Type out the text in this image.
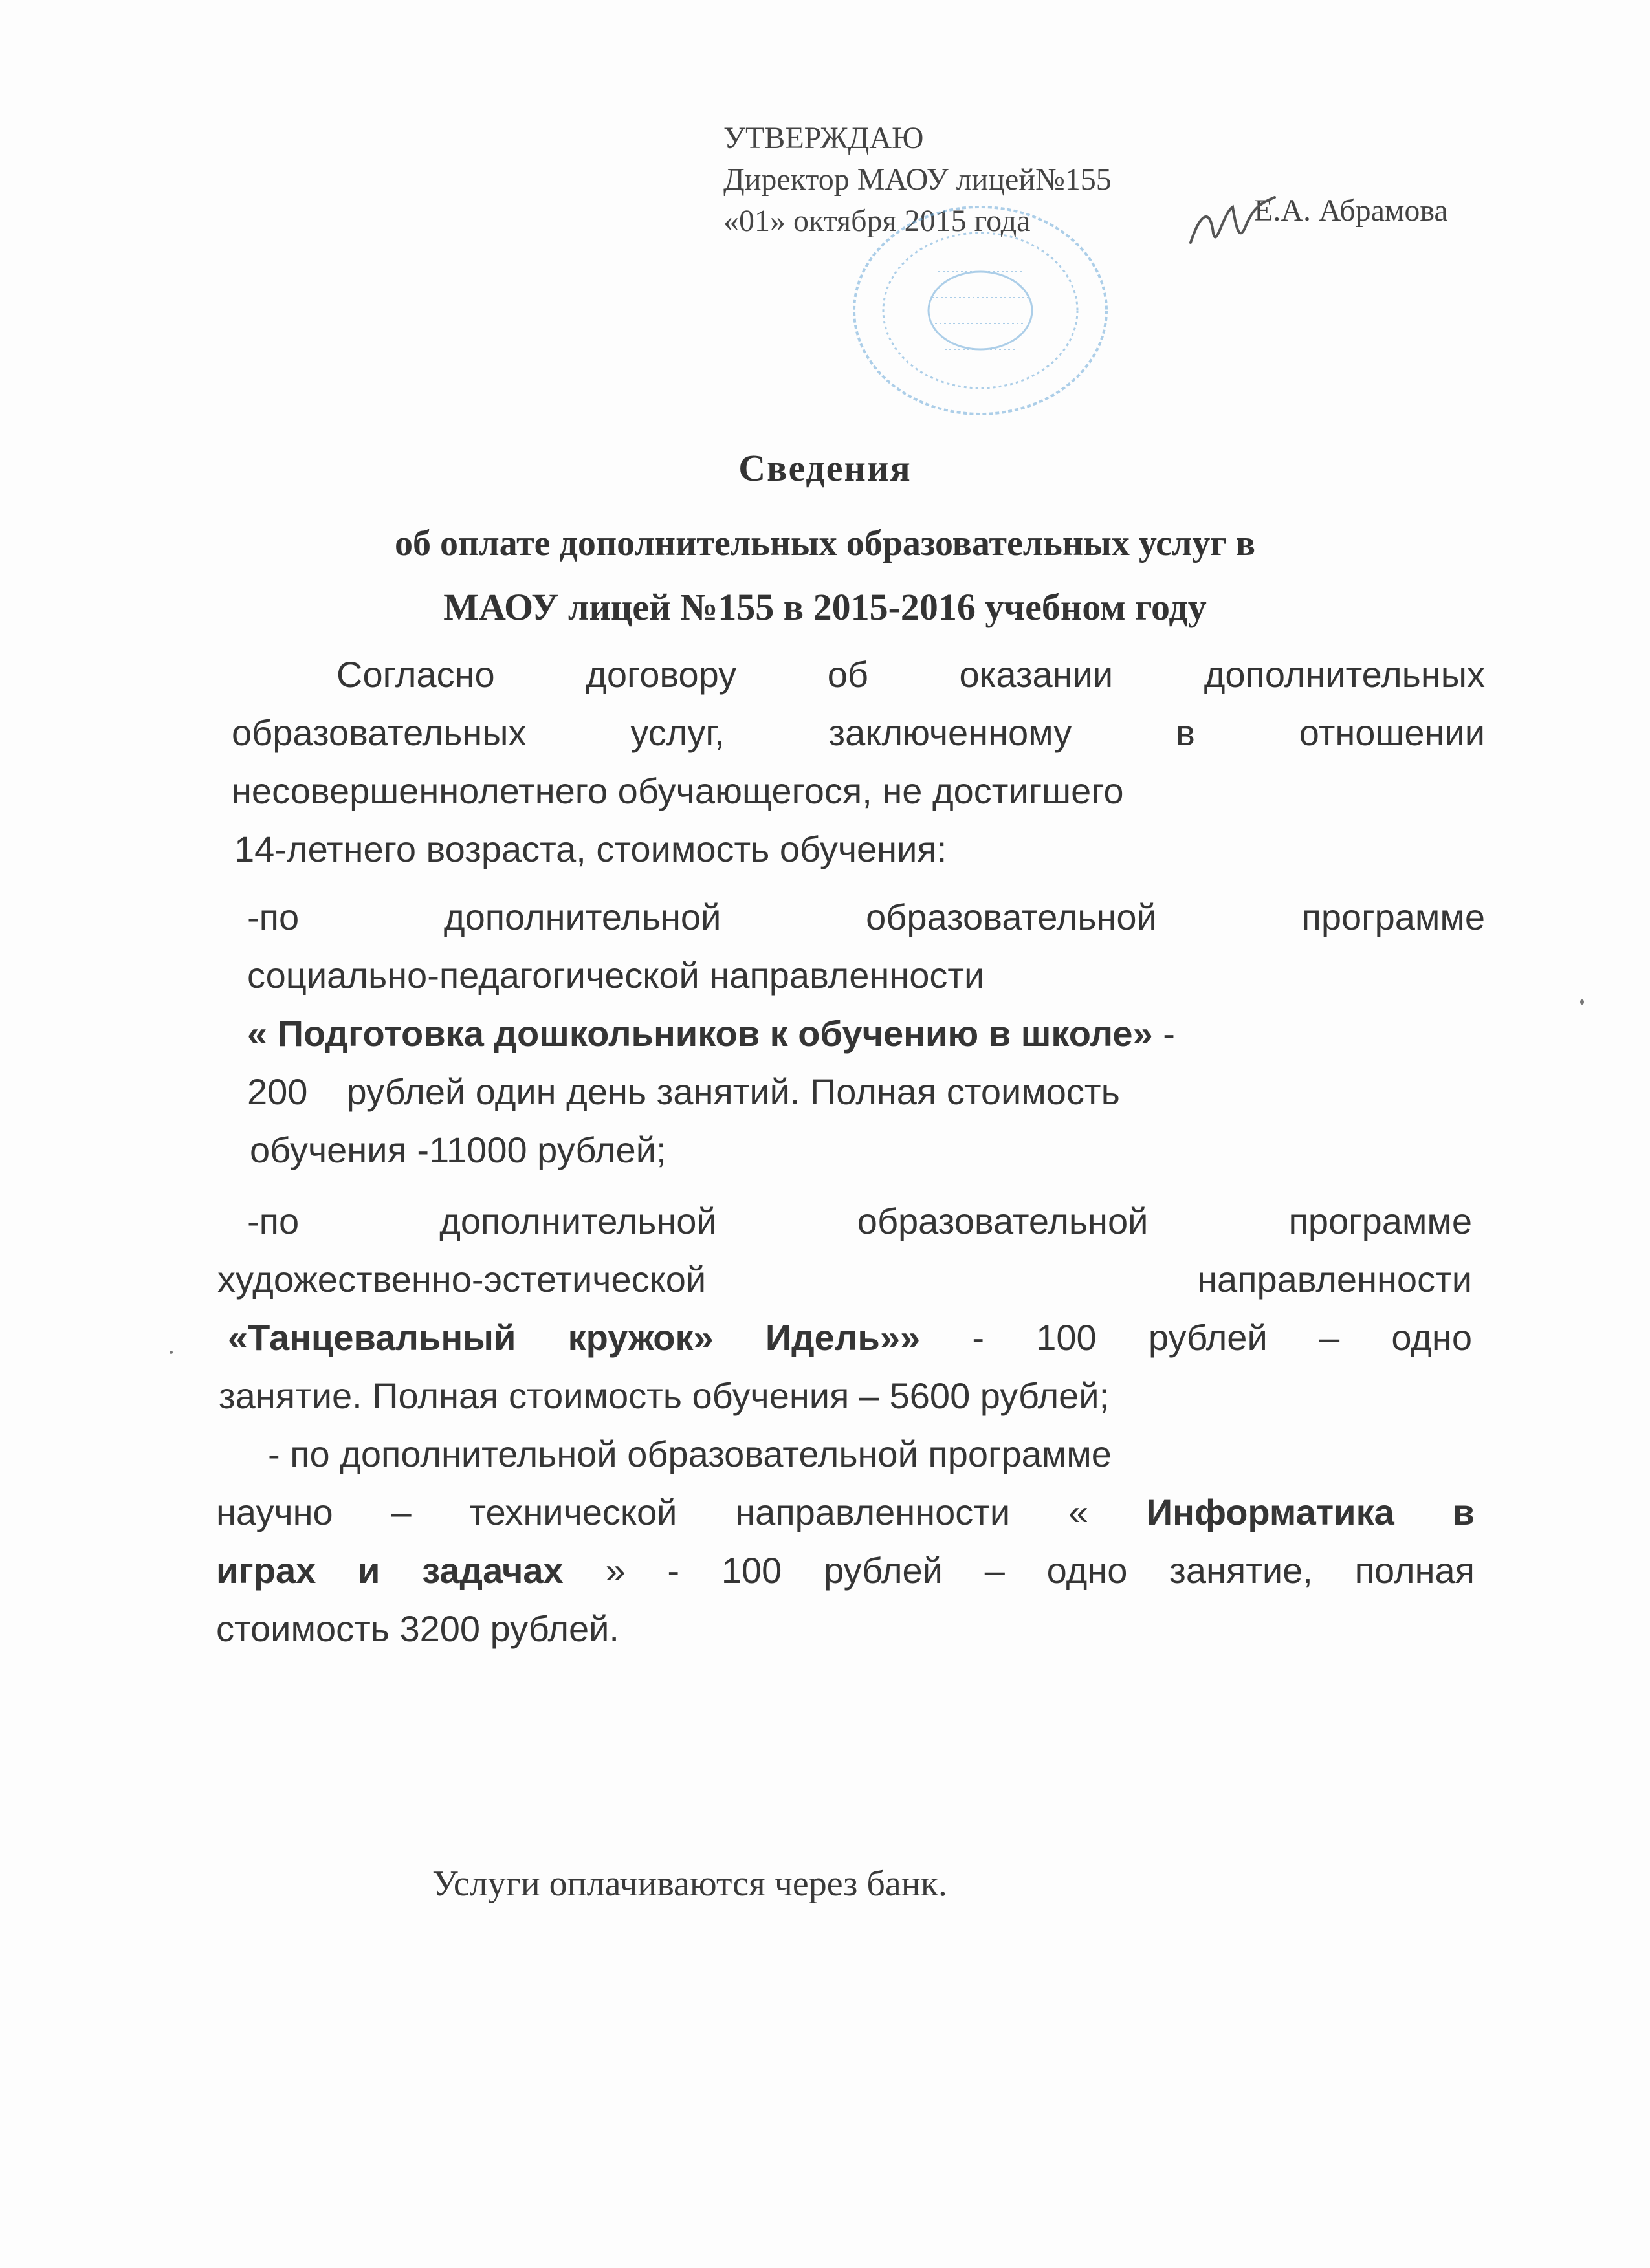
УТВЕРЖДАЮ
Директор МАОУ лицей№155
«01» октября 2015 года	Е.А. Абрамова
Сведения
об оплате дополнительных образовательных услуг в
МАОУ лицей №155 в 2015-2016 учебном году
Согласно договору об оказании дополнительных
образовательных услуг, заключенному в отношении
несовершеннолетнего обучающегося, не достигшего
14-летнего возраста, стоимость обучения:
-по дополнительной образовательной программе
социально-педагогической направленности
« Подготовка дошкольников к обучению в школе» -
200 рублей один день занятий. Полная стоимость
обучения -11000 рублей;
-по дополнительной образовательной программе
художественно-эстетической направленности
«Танцевальный кружок» Идель»» - 100 рублей – одно
занятие. Полная стоимость обучения – 5600 рублей;
- по дополнительной образовательной программе
научно – технической направленности « Информатика в
играх и задачах » - 100 рублей – одно занятие, полная
стоимость 3200 рублей.
Услуги оплачиваются через банк.
